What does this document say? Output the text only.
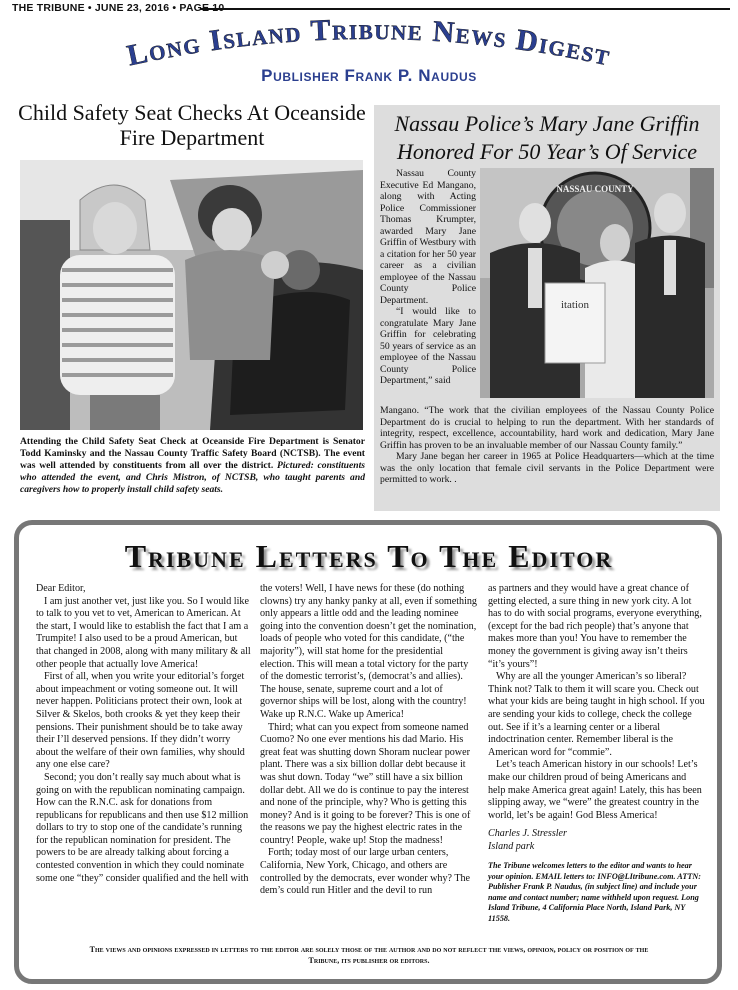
THE TRIBUNE • JUNE 23, 2016 • PAGE 10
Long Island Tribune News Digest
Publisher Frank P. Naudus
Child Safety Seat Checks At Oceanside Fire Department
Attending the Child Safety Seat Check at Oceanside Fire Department is Senator Todd Kaminsky and the Nassau County Traffic Safety Board (NCTSB). The event was well attended by constituents from all over the district. Pictured: constituents who attended the event, and Chris Mistron, of NCTSB, who taught parents and caregivers how to properly install child safety seats.
Nassau Police’s Mary Jane Griffin Honored For 50 Year’s Of Service

Nassau County Executive Ed Mangano, along with Acting Police Commissioner Thomas Krumpter, awarded Mary Jane Griffin of Westbury with a citation for her 50 year career as a civilian employee of the Nassau County Police Department.

“I would like to congratulate Mary Jane Griffin for celebrating 50 years of service as an employee of the Nassau County Police Department,” said

NASSAU COUNTY
itation

Mangano. “The work that the civilian employees of the Nassau County Police Department do is crucial to helping to run the department. With her standards of integrity, respect, excellence, accountability, hard work and dedication, Mary Jane Griffin has proven to be an invaluable member of our Nassau County family.”

Mary Jane began her career in 1965 at Police Headquarters—which at the time was the only location that female civil servants in the Police Department were permitted to work. .

Tribune Letters To The Editor

Dear Editor,

I am just another vet, just like you. So I would like to talk to you vet to vet, American to American. At the start, I would like to establish the fact that I am a Trumpite! I also used to be a proud American, but that changed in 2008, along with many military & all other people that actually love America!

First of all, when you write your editorial’s forget about impeachment or voting someone out. It will never happen. Politicians protect their own, look at Silver & Skelos, both crooks & yet they keep their pensions. Their punishment should be to take away their I’ll deserved pensions. If they didn’t worry about the welfare of their own families, why should any one else care?

Second; you don’t really say much about what is going on with the republican nominating campaign. How can the R.N.C. ask for donations from republicans for republicans and then use $12 million dollars to try to stop one of the candidate’s running for the republican nomination for president. The powers to be are already talking about forcing a contested convention in which they could nominate some one “they” consider qualified and the hell with

the voters! Well, I have news for these (do nothing clowns) try any hanky panky at all, even if something only appears a little odd and the leading nominee going into the convention doesn’t get the nomination, loads of people who voted for this candidate, (“the majority”), will stat home for the presidential election. This will mean a total victory for the party of the domestic terrorist’s, (democrat’s and allies). The house, senate, supreme court and a lot of governor ships will be lost, along with the country! Wake up R.N.C. Wake up America!

Third; what can you expect from someone named Cuomo? No one ever mentions his dad Mario. His great feat was shutting down Shoram nuclear power plant. There was a six billion dollar debt because it was shut down. Today “we” still have a six billion dollar debt. All we do is continue to pay the interest and none of the principle, why? Who is getting this money? And is it going to be forever? This is one of the reasons we pay the highest electric rates in the country! People, wake up! Stop the madness!

Forth; today most of our large urban centers, California, New York, Chicago, and others are controlled by the democrats, ever wonder why? The dem’s could run Hitler and the devil to run

as partners and they would have a great chance of getting elected, a sure thing in new york city. A lot has to do with social programs, everyone everything, (except for the bad rich people) that’s anyone that makes more than you! You have to remember the money the government is giving away isn’t theirs “it’s yours”!

Why are all the younger American’s so liberal? Think not? Talk to them it will scare you. Check out what your kids are being taught in high school. If you are sending your kids to college, check the college out. See if it’s a learning center or a liberal indoctrination center. Remember liberal is the American word for “commie”.

Let’s teach American history in our schools! Let’s make our children proud of being Americans and help make America great again! Lately, this has been slipping away, we “were” the greatest country in the world, let’s be again! God Bless America!

Charles J. Stressler
Island park
The Tribune welcomes letters to the editor and wants to hear your opinion. EMAIL letters to: INFO@LItribune.com. ATTN: Publisher Frank P. Naudus, (in subject line) and include your name and contact number; name withheld upon request. Long Island Tribune, 4 California Place North, Island Park, NY 11558.
The views and opinions expressed in letters to the editor are solely those of the author and do not reflect the views, opinion, policy or position of the Tribune, its publisher or editors.
